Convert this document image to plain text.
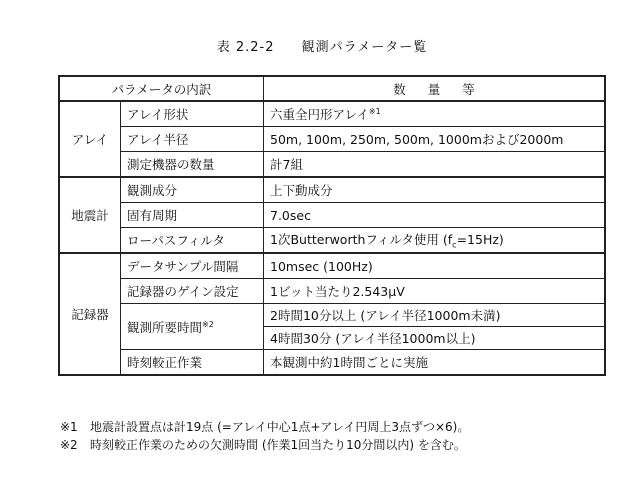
表 2.2-2 観測パラメーター覧
パラメータの内訳		数 量 等
アレイ	アレイ形状	六重全円形アレイ$^{※1}$
	アレイ半径	50m, 100m, 250m, 500m, 1000mおよび2000m
	測定機器の数量	計7組
地震計	観測成分	上下動成分
	固有周期	7.0sec
	ローパスフィルタ	1次Butterworthフィルタ使用 $(f_c=15Hz)$
記録器	データサンプル間隔	10msec (100Hz)
	記録器のゲイン設定	1ビット当たり2.543μV
	観測所要時間$^{※2}$	2時間10分以上 (アレイ半径1000m未満)
		4時間30分 (アレイ半径1000m以上)
	時刻較正作業	本観測中約1時間ごとに実施
※1 地震計設置点は計19点 (=アレイ中心1点+アレイ円周上3点ずつ×6)。
※2 時刻較正作業のための欠測時間 (作業1回当たり10分間以内) を含む。
